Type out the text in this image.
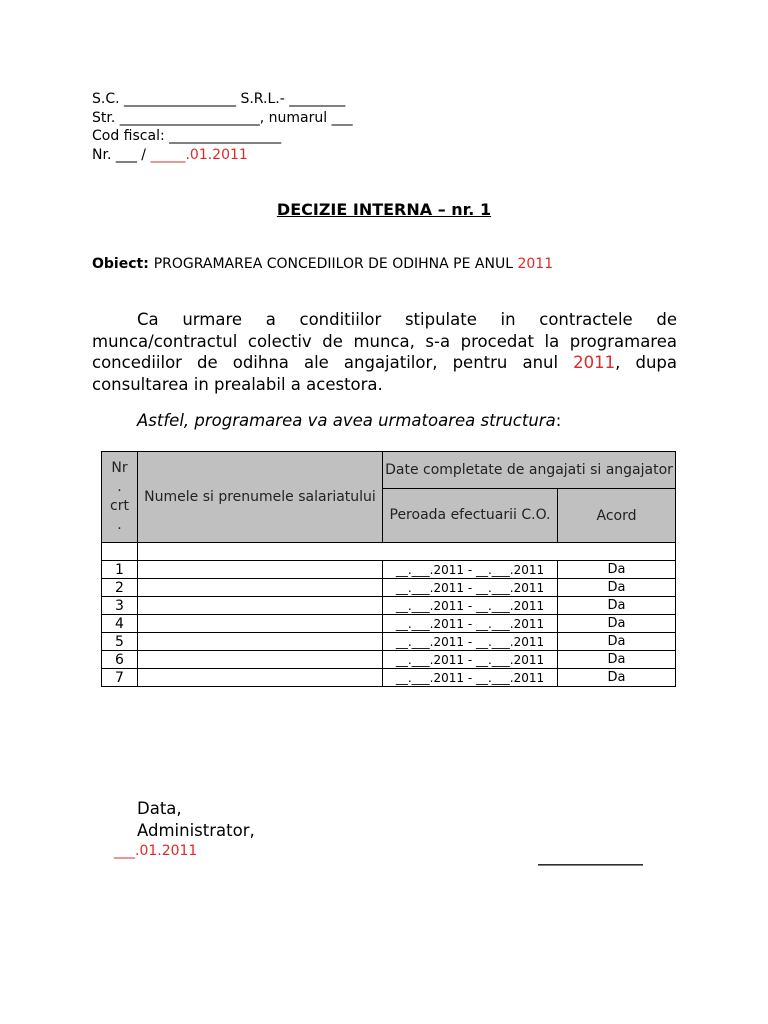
S.C. ________________ S.R.L.- ________
Str. ____________________, numarul ___
Cod fiscal: ________________
Nr. ___ / _____.01.2011
DECIZIE INTERNA – nr. 1
Obiect: PROGRAMAREA CONCEDIILOR DE ODIHNA PE ANUL 2011
Ca urmare a conditiilor stipulate in contractele de munca/contractul colectiv de munca, s-a procedat la programarea concediilor de odihna ale angajatilor, pentru anul 2011, dupa consultarea in prealabil a acestora.
Astfel, programarea va avea urmatoarea structura:
Nr
.
crt
.	Numele si prenumele salariatului	Date completate de angajati si angajator	
		Peroada efectuarii C.O.	Acord

1		__.___.2011 - __.___.2011	Da
2		__.___.2011 - __.___.2011	Da
3		__.___.2011 - __.___.2011	Da
4		__.___.2011 - __.___.2011	Da
5		__.___.2011 - __.___.2011	Da
6		__.___.2011 - __.___.2011	Da
7		__.___.2011 - __.___.2011	Da
Data,
Administrator,
___.01.2011	_______________
